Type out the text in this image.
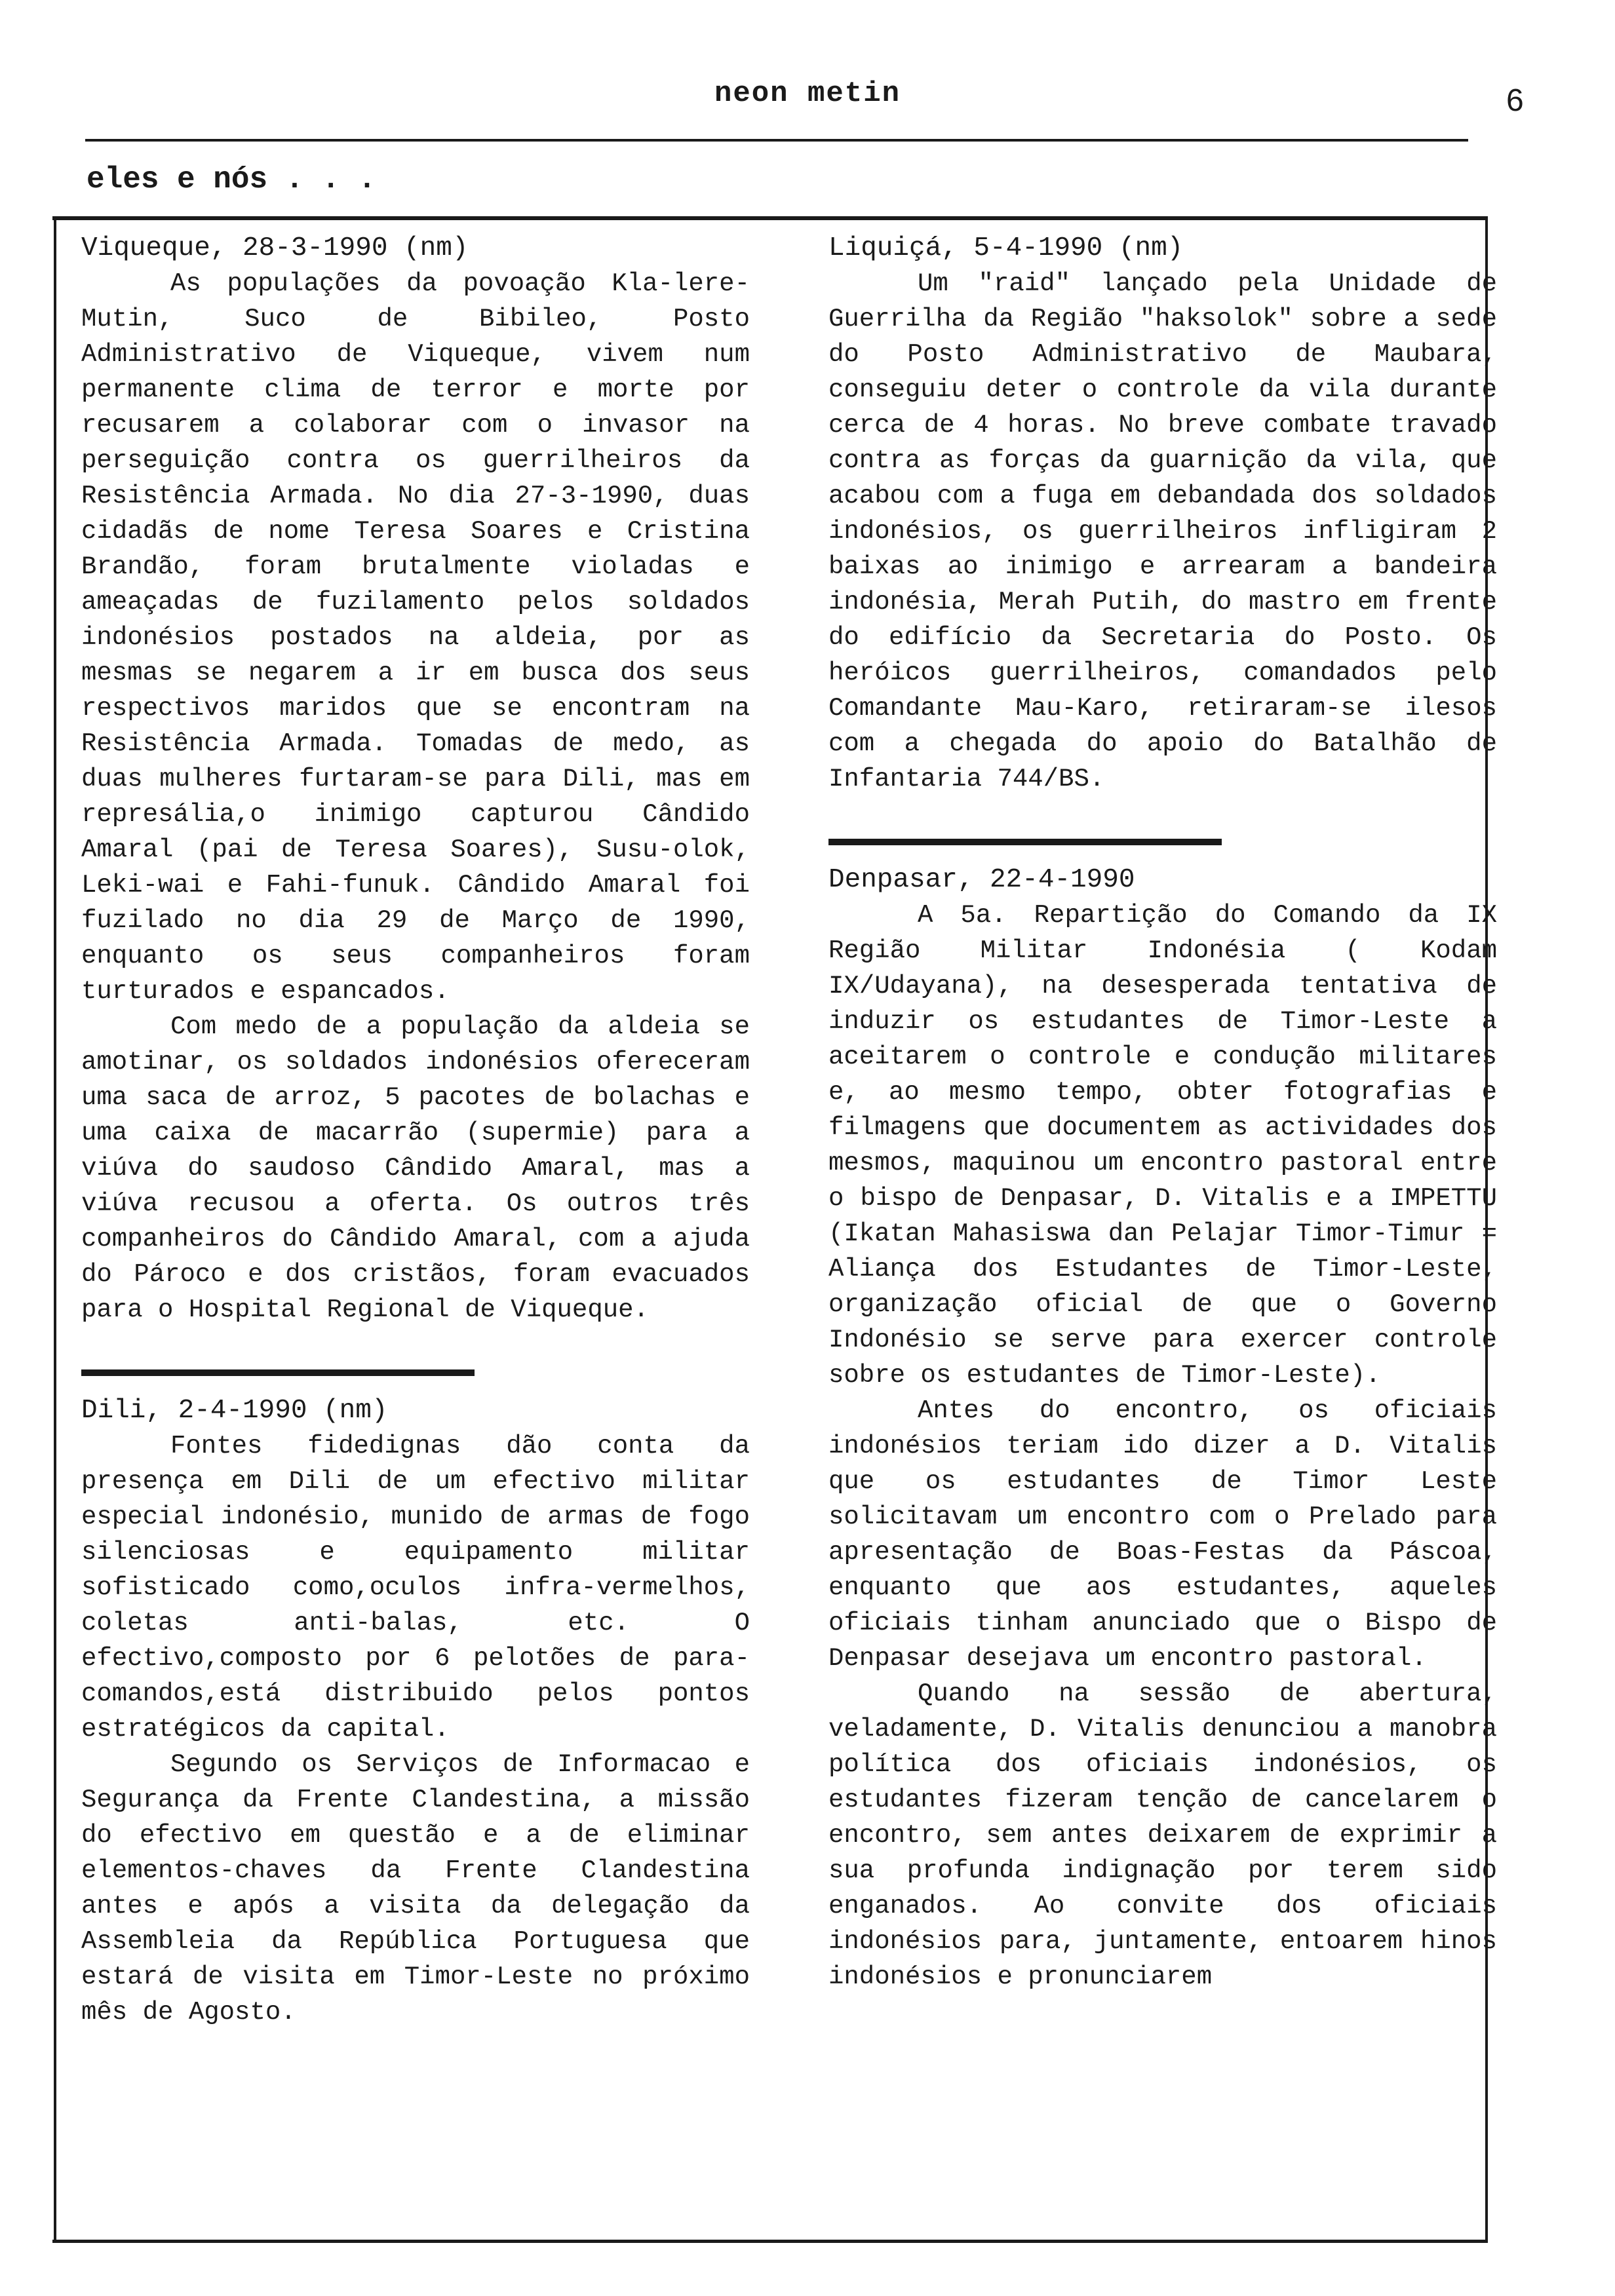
neon metin	6
eles e nós . . .

Viqueque, 28-3-1990 (nm)

As populações da povoação Kla-lere-Mutin, Suco de Bibileo, Posto Administrativo de Viqueque, vivem num permanente clima de terror e morte por recusarem a colaborar com o invasor na perseguição contra os guerrilheiros da Resistência Armada. No dia 27-3-1990, duas cidadãs de nome Teresa Soares e Cristina Brandão, foram brutalmente violadas e ameaçadas de fuzilamento pelos soldados indonésios postados na aldeia, por as mesmas se negarem a ir em busca dos seus respectivos maridos que se encontram na Resistência Armada. Tomadas de medo, as duas mulheres furtaram-se para Dili, mas em represália,o inimigo capturou Cândido Amaral (pai de Teresa Soares), Susu-olok, Leki-wai e Fahi-funuk. Cândido Amaral foi fuzilado no dia 29 de Março de 1990, enquanto os seus companheiros foram turturados e espancados.

Com medo de a população da aldeia se amotinar, os soldados indonésios ofereceram uma saca de arroz, 5 pacotes de bolachas e uma caixa de macarrão (supermie) para a viúva do saudoso Cândido Amaral, mas a viúva recusou a oferta. Os outros três companheiros do Cândido Amaral, com a ajuda do Pároco e dos cristãos, foram evacuados para o Hospital Regional de Viqueque.

Dili, 2-4-1990 (nm)

Fontes fidedignas dão conta da presença em Dili de um efectivo militar especial indonésio, munido de armas de fogo silenciosas e equipamento militar sofisticado como,oculos infra-vermelhos, coletas anti-balas, etc. O efectivo,composto por 6 pelotões de para-comandos,está distribuido pelos pontos estratégicos da capital.

Segundo os Serviços de Informacao e Segurança da Frente Clandestina, a missão do efectivo em questão e a de eliminar elementos-chaves da Frente Clandestina antes e após a visita da delegação da Assembleia da República Portuguesa que estará de visita em Timor-Leste no próximo mês de Agosto.

Liquiçá, 5-4-1990 (nm)

Um "raid" lançado pela Unidade de Guerrilha da Região "haksolok" sobre a sede do Posto Administrativo de Maubara, conseguiu deter o controle da vila durante cerca de 4 horas. No breve combate travado contra as forças da guarnição da vila, que acabou com a fuga em debandada dos soldados indonésios, os guerrilheiros infligiram 2 baixas ao inimigo e arrearam a bandeira indonésia, Merah Putih, do mastro em frente do edifício da Secretaria do Posto. Os heróicos guerrilheiros, comandados pelo Comandante Mau-Karo, retiraram-se ilesos com a chegada do apoio do Batalhão de Infantaria 744/BS.

Denpasar, 22-4-1990

A 5a. Repartição do Comando da IX Região Militar Indonésia ( Kodam IX/Udayana), na desesperada tentativa de induzir os estudantes de Timor-Leste a aceitarem o controle e condução militares e, ao mesmo tempo, obter fotografias e filmagens que documentem as actividades dos mesmos, maquinou um encontro pastoral entre o bispo de Denpasar, D. Vitalis e a IMPETTU (Ikatan Mahasiswa dan Pelajar Timor-Timur = Aliança dos Estudantes de Timor-Leste, organização oficial de que o Governo Indonésio se serve para exercer controle sobre os estudantes de Timor-Leste).

Antes do encontro, os oficiais indonésios teriam ido dizer a D. Vitalis que os estudantes de Timor Leste solicitavam um encontro com o Prelado para apresentação de Boas-Festas da Páscoa, enquanto que aos estudantes, aqueles oficiais tinham anunciado que o Bispo de Denpasar desejava um encontro pastoral.

Quando na sessão de abertura, veladamente, D. Vitalis denunciou a manobra política dos oficiais indonésios, os estudantes fizeram tenção de cancelarem o encontro, sem antes deixarem de exprimir a sua profunda indignação por terem sido enganados. Ao convite dos oficiais indonésios para, juntamente, entoarem hinos indonésios e pronunciarem
